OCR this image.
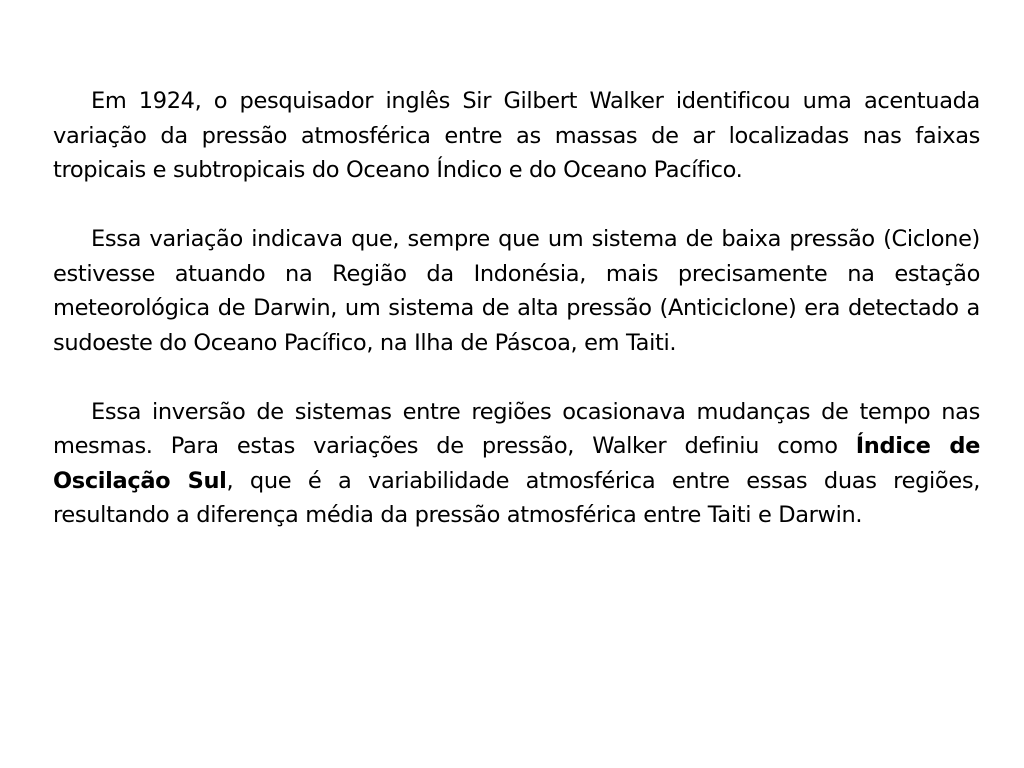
Em 1924, o pesquisador inglês Sir Gilbert Walker identificou uma acentuada variação da pressão atmosférica entre as massas de ar localizadas nas faixas tropicais e subtropicais do Oceano Índico e do Oceano Pacífico.

Essa variação indicava que, sempre que um sistema de baixa pressão (Ciclone) estivesse atuando na Região da Indonésia, mais precisamente na estação meteorológica de Darwin, um sistema de alta pressão (Anticiclone) era detectado a sudoeste do Oceano Pacífico, na Ilha de Páscoa, em Taiti.

Essa inversão de sistemas entre regiões ocasionava mudanças de tempo nas mesmas. Para estas variações de pressão, Walker definiu como Índice de Oscilação Sul, que é a variabilidade atmosférica entre essas duas regiões, resultando a diferença média da pressão atmosférica entre Taiti e Darwin.
